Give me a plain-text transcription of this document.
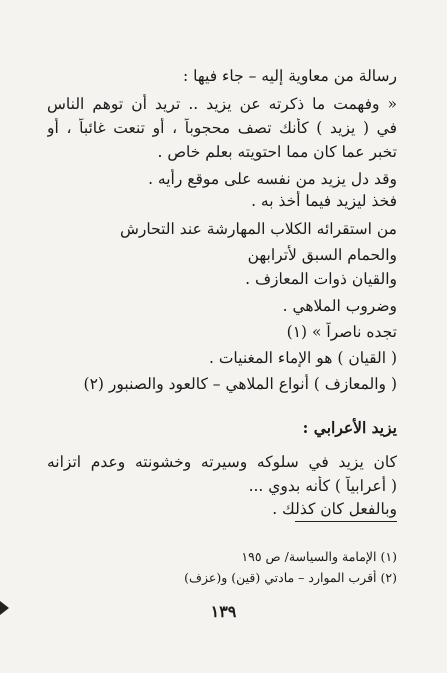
رسالة من معاوية إليه – جاء فيها :
« وفهمت ما ذكرته عن يزيد .. تريد أن توهم الناس
في ( يزيد ) كأنك تصف محجوباً ، أو تنعت غائباً ، أو
تخبر عما كان مما احتويته بعلم خاص .
وقد دل يزيد من نفسه على موقع رأيه .
فخذ ليزيد فيما أخذ به .
من استقرائه الكلاب المهارشة عند التحارش
والحمام السبق لأترابهن
والقيان ذوات المعازف .
وضروب الملاهي .
تجده ناصراً » (١)
( القيان ) هو الإماء المغنيات .
( والمعازف ) أنواع الملاهي – كالعود والصنبور (٢)
يزيد الأعرابي :
كان يزيد في سلوكه وسيرته وخشونته وعدم اتزانه
( أعرابياً ) كأنه بدوي ...
وبالفعل كان كذلك .
(١) الإمامة والسياسة/ ص ١٩٥
(٢) أقرب الموارد – مادتي (قين) و(عزف)
١٣٩
